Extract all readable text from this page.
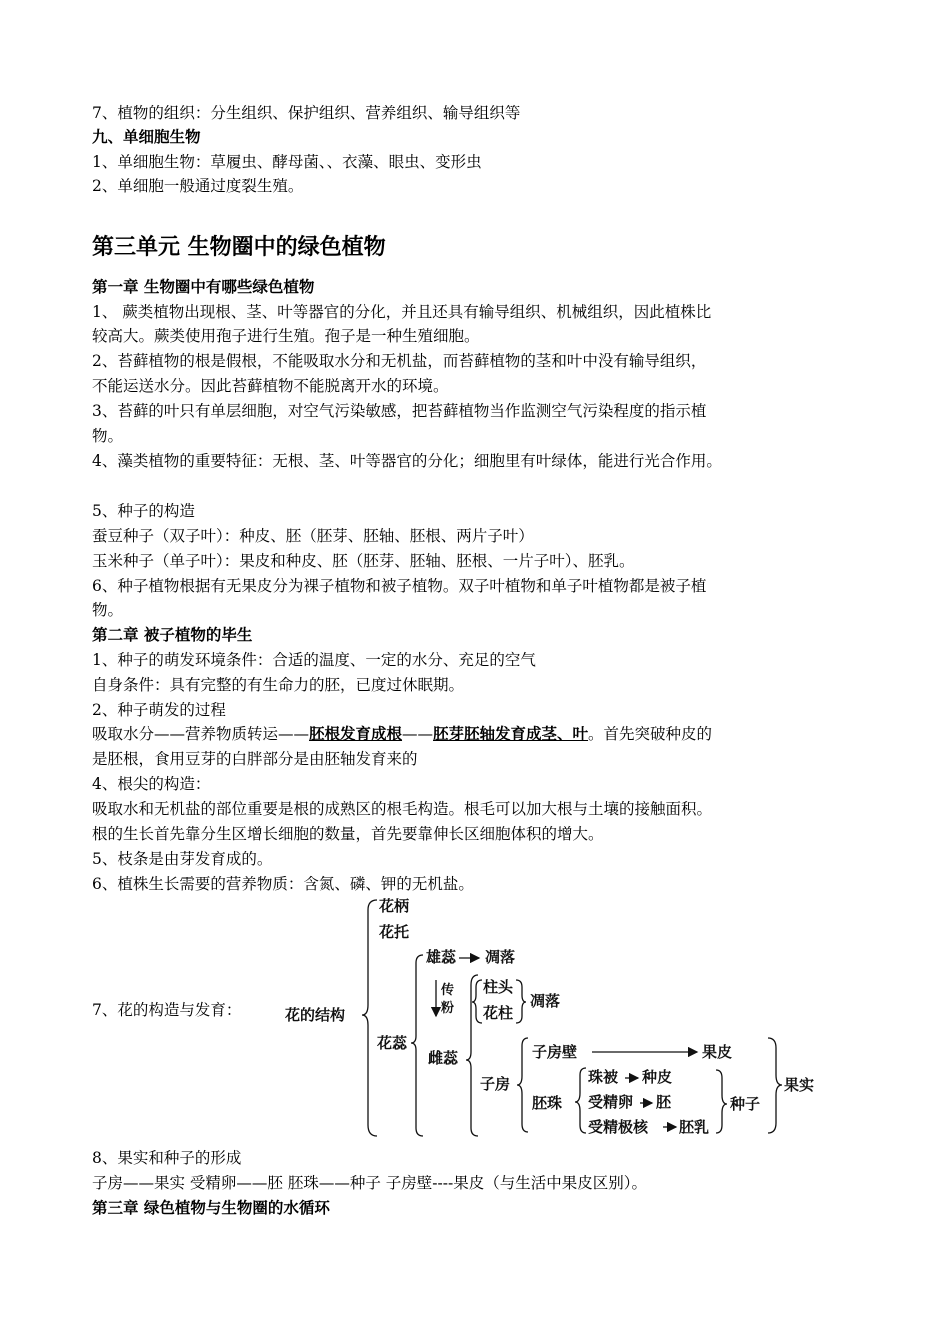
7、植物的组织：分生组织、保护组织、营养组织、输导组织等
九、单细胞生物
1、单细胞生物：草履虫、酵母菌、、衣藻、眼虫、变形虫
2、单细胞一般通过度裂生殖。
第三单元 生物圈中的绿色植物
第一章 生物圈中有哪些绿色植物
1、 蕨类植物出现根、茎、叶等器官的分化，并且还具有输导组织、机械组织，因此植株比
较高大。蕨类使用孢子进行生殖。孢子是一种生殖细胞。
2、苔藓植物的根是假根，不能吸取水分和无机盐，而苔藓植物的茎和叶中没有输导组织，
不能运送水分。因此苔藓植物不能脱离开水的环境。
3、苔藓的叶只有单层细胞，对空气污染敏感，把苔藓植物当作监测空气污染程度的指示植
物。
4、藻类植物的重要特征：无根、茎、叶等器官的分化；细胞里有叶绿体，能进行光合作用。
5、种子的构造
蚕豆种子（双子叶）：种皮、胚（胚芽、胚轴、胚根、两片子叶）
玉米种子（单子叶）：果皮和种皮、胚（胚芽、胚轴、胚根、一片子叶）、胚乳。
6、种子植物根据有无果皮分为裸子植物和被子植物。双子叶植物和单子叶植物都是被子植
物。
第二章 被子植物的毕生
1、种子的萌发环境条件：合适的温度、一定的水分、充足的空气
自身条件：具有完整的有生命力的胚，已度过休眠期。
2、种子萌发的过程
吸取水分——营养物质转运——胚根发育成根——胚芽胚轴发育成茎、叶。首先突破种皮的
是胚根，食用豆芽的白胖部分是由胚轴发育来的
4、根尖的构造：
吸取水和无机盐的部位重要是根的成熟区的根毛构造。根毛可以加大根与土壤的接触面积。
根的生长首先靠分生区增长细胞的数量，首先要靠伸长区细胞体积的增大。
5、枝条是由芽发育成的。
6、植株生长需要的营养物质：含氮、磷、钾的无机盐。
7、花的构造与发育：	花的结构
花柄
花托
花蕊
雄蕊 凋落
传
粉
柱头
花柱
凋落
雌蕊
子房
子房壁	果皮
胚珠
珠被 种皮
受精卵 胚
受精极核 胚乳
种子
果实
8、果实和种子的形成
子房——果实 受精卵——胚 胚珠——种子 子房壁----果皮（与生活中果皮区别）。
第三章 绿色植物与生物圈的水循环
